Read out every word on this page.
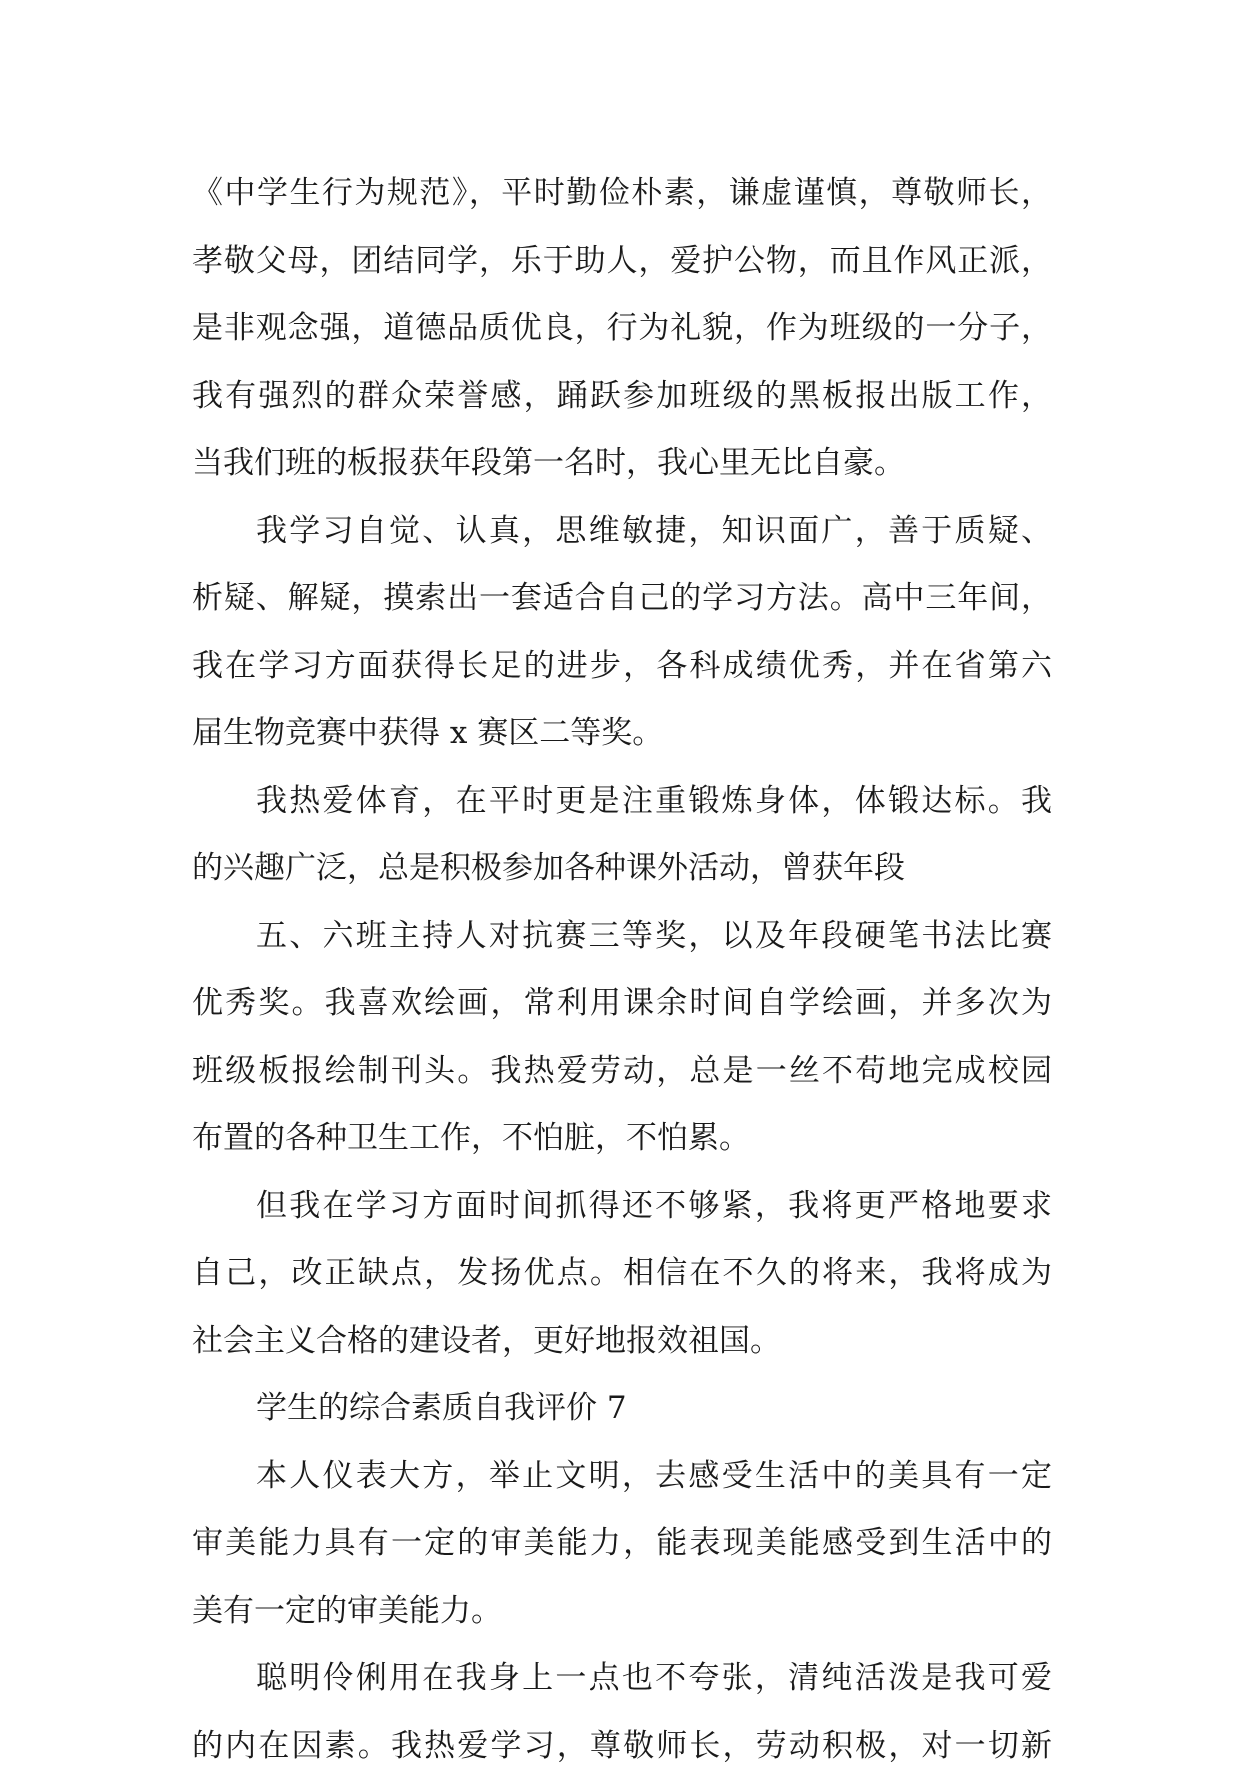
《中学生行为规范》，平时勤俭朴素，谦虚谨慎，尊敬师长，
孝敬父母，团结同学，乐于助人，爱护公物，而且作风正派，
是非观念强，道德品质优良，行为礼貌，作为班级的一分子，
我有强烈的群众荣誉感，踊跃参加班级的黑板报出版工作，
当我们班的板报获年段第一名时，我心里无比自豪。
我学习自觉、认真，思维敏捷，知识面广，善于质疑、
析疑、解疑，摸索出一套适合自己的学习方法。高中三年间，
我在学习方面获得长足的进步，各科成绩优秀，并在省第六
届生物竞赛中获得 x 赛区二等奖。
我热爱体育，在平时更是注重锻炼身体，体锻达标。我
的兴趣广泛，总是积极参加各种课外活动，曾获年段
五、六班主持人对抗赛三等奖，以及年段硬笔书法比赛
优秀奖。我喜欢绘画，常利用课余时间自学绘画，并多次为
班级板报绘制刊头。我热爱劳动，总是一丝不苟地完成校园
布置的各种卫生工作，不怕脏，不怕累。
但我在学习方面时间抓得还不够紧，我将更严格地要求
自己，改正缺点，发扬优点。相信在不久的将来，我将成为
社会主义合格的建设者，更好地报效祖国。
学生的综合素质自我评价 7
本人仪表大方，举止文明，去感受生活中的美具有一定
审美能力具有一定的审美能力，能表现美能感受到生活中的
美有一定的审美能力。
聪明伶俐用在我身上一点也不夸张，清纯活泼是我可爱
的内在因素。我热爱学习，尊敬师长，劳动积极，对一切新
